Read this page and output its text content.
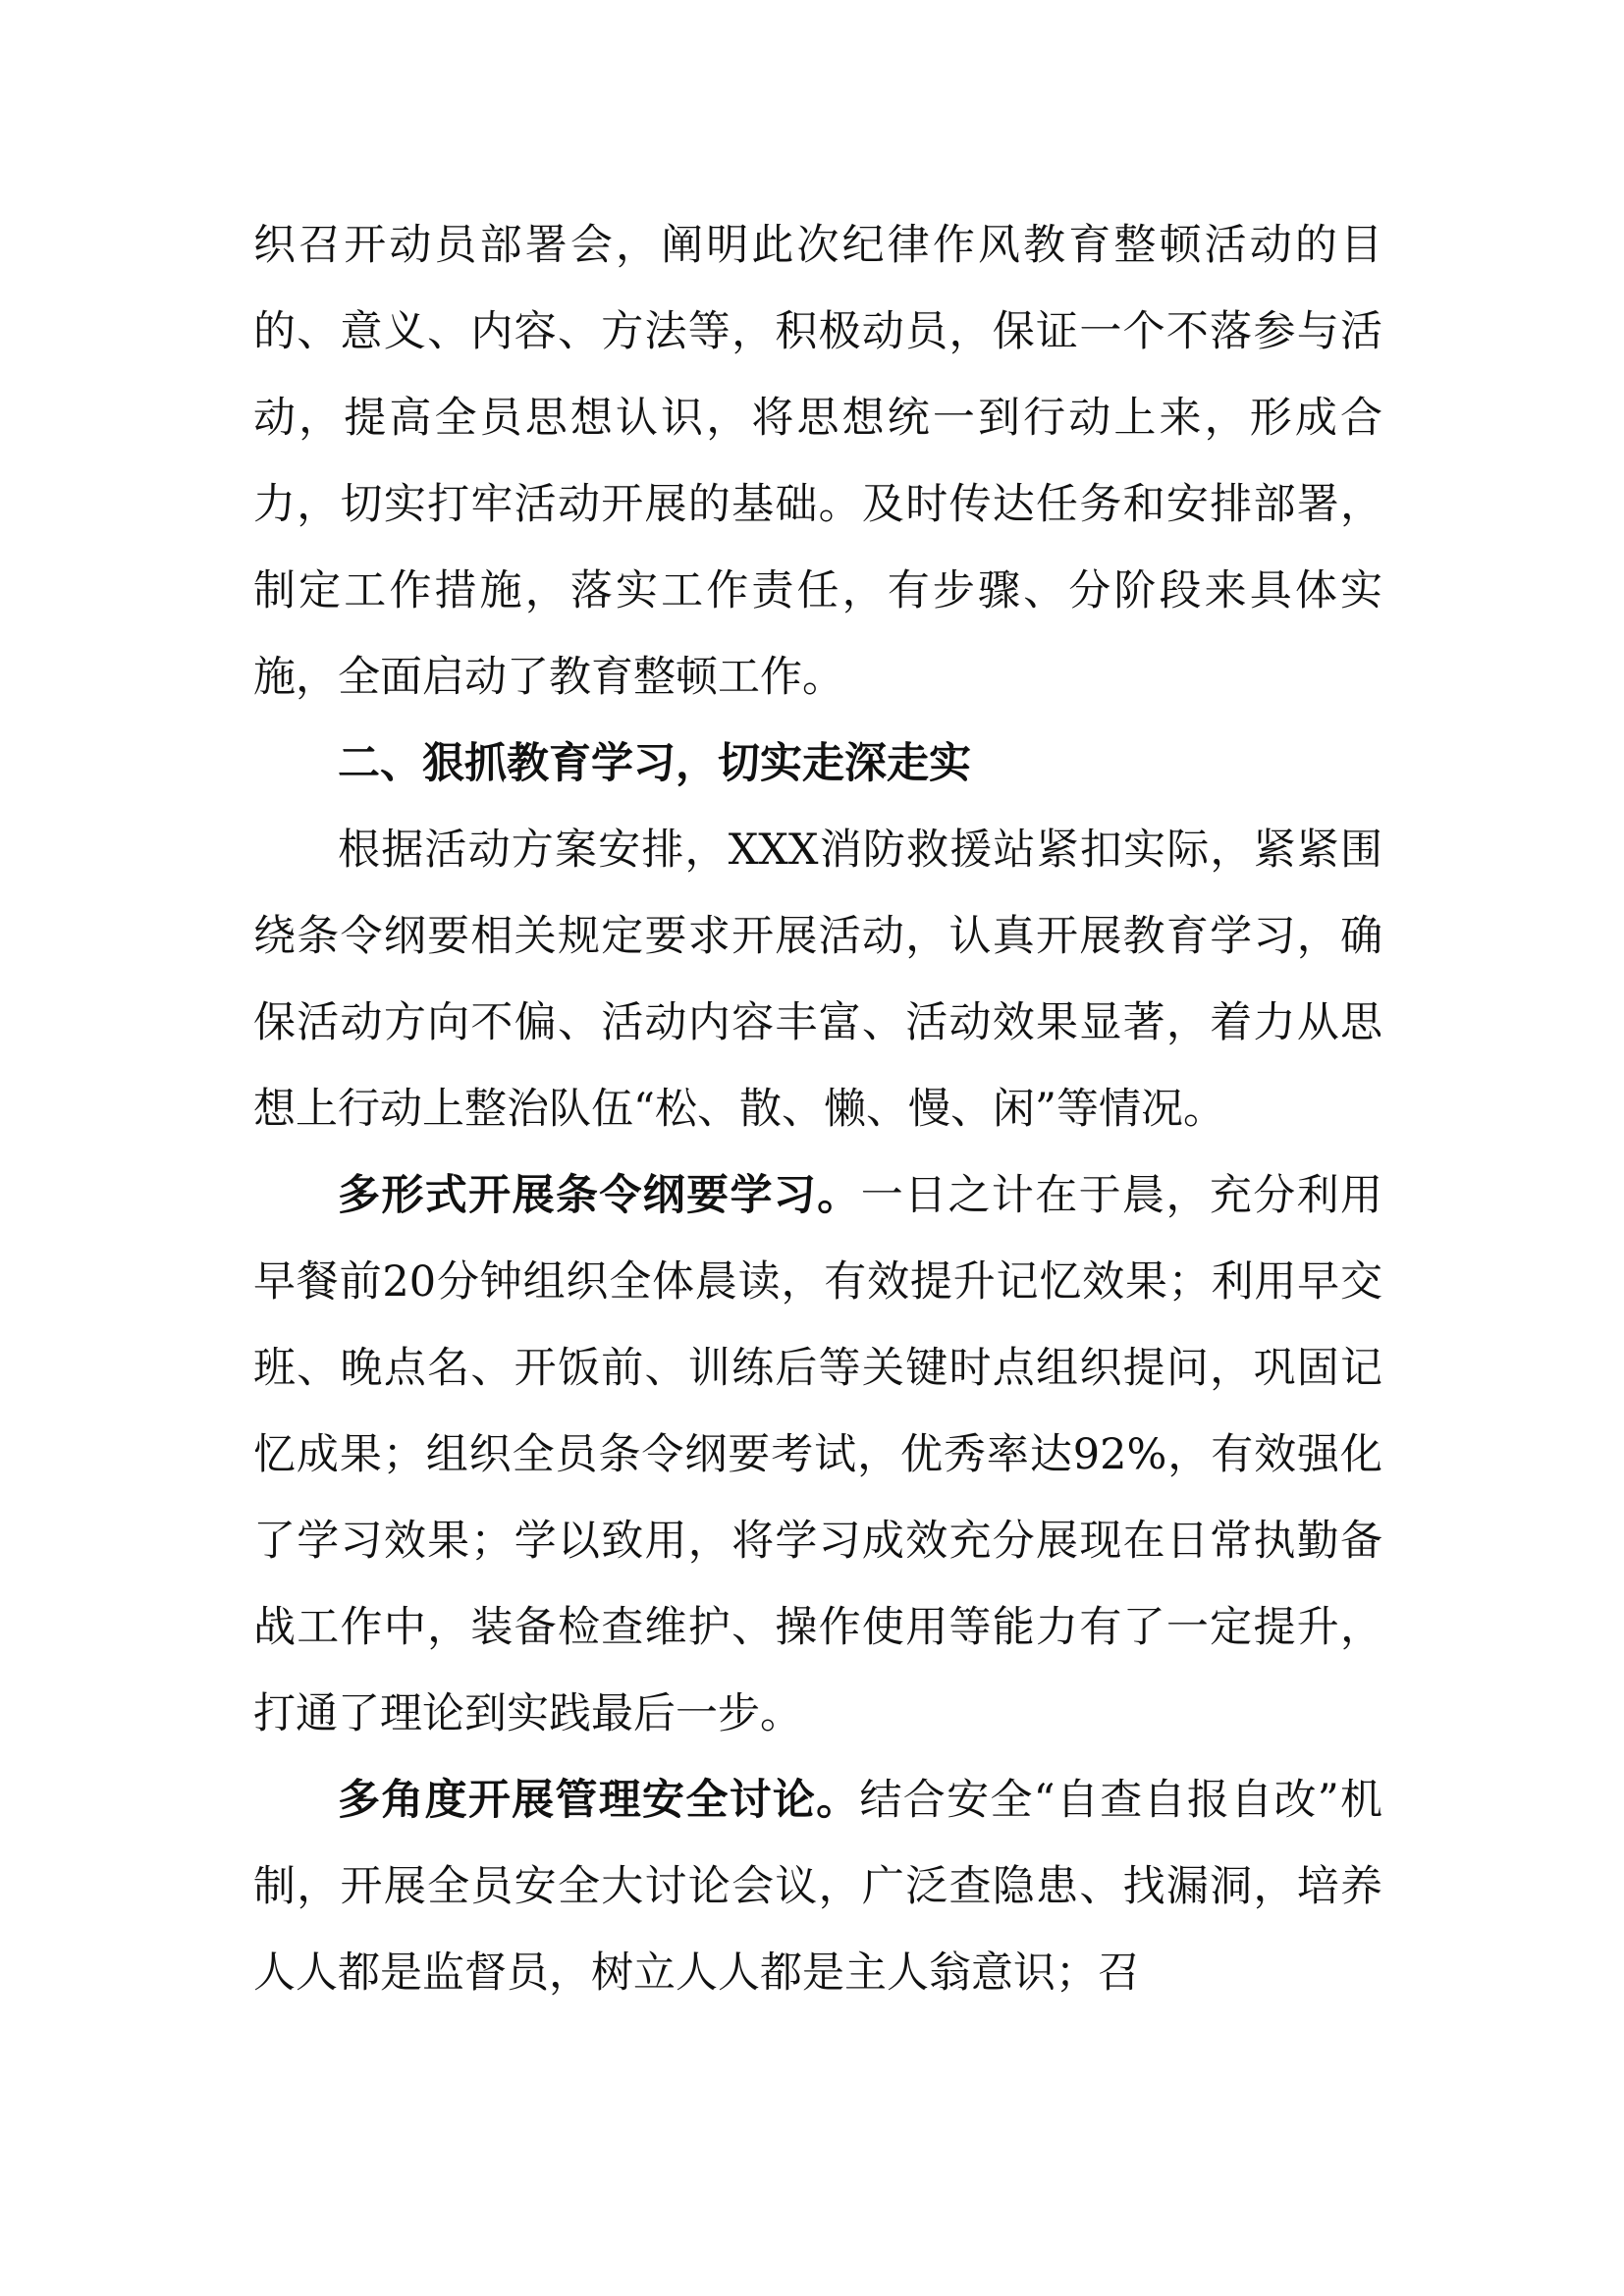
织召开动员部署会，阐明此次纪律作风教育整顿活动的目的、意义、内容、方法等，积极动员，保证一个不落参与活动，提高全员思想认识，将思想统一到行动上来，形成合力，切实打牢活动开展的基础。及时传达任务和安排部署，制定工作措施，落实工作责任，有步骤、分阶段来具体实施，全面启动了教育整顿工作。

二、狠抓教育学习，切实走深走实

根据活动方案安排，XXX消防救援站紧扣实际，紧紧围绕条令纲要相关规定要求开展活动，认真开展教育学习，确保活动方向不偏、活动内容丰富、活动效果显著，着力从思想上行动上整治队伍“松、散、懒、慢、闲”等情况。

多形式开展条令纲要学习。一日之计在于晨，充分利用早餐前20分钟组织全体晨读，有效提升记忆效果；利用早交班、晚点名、开饭前、训练后等关键时点组织提问，巩固记忆成果；组织全员条令纲要考试，优秀率达92%，有效强化了学习效果；学以致用，将学习成效充分展现在日常执勤备战工作中，装备检查维护、操作使用等能力有了一定提升，打通了理论到实践最后一步。

多角度开展管理安全讨论。结合安全“自查自报自改”机制，开展全员安全大讨论会议，广泛查隐患、找漏洞，培养人人都是监督员，树立人人都是主人翁意识；召
